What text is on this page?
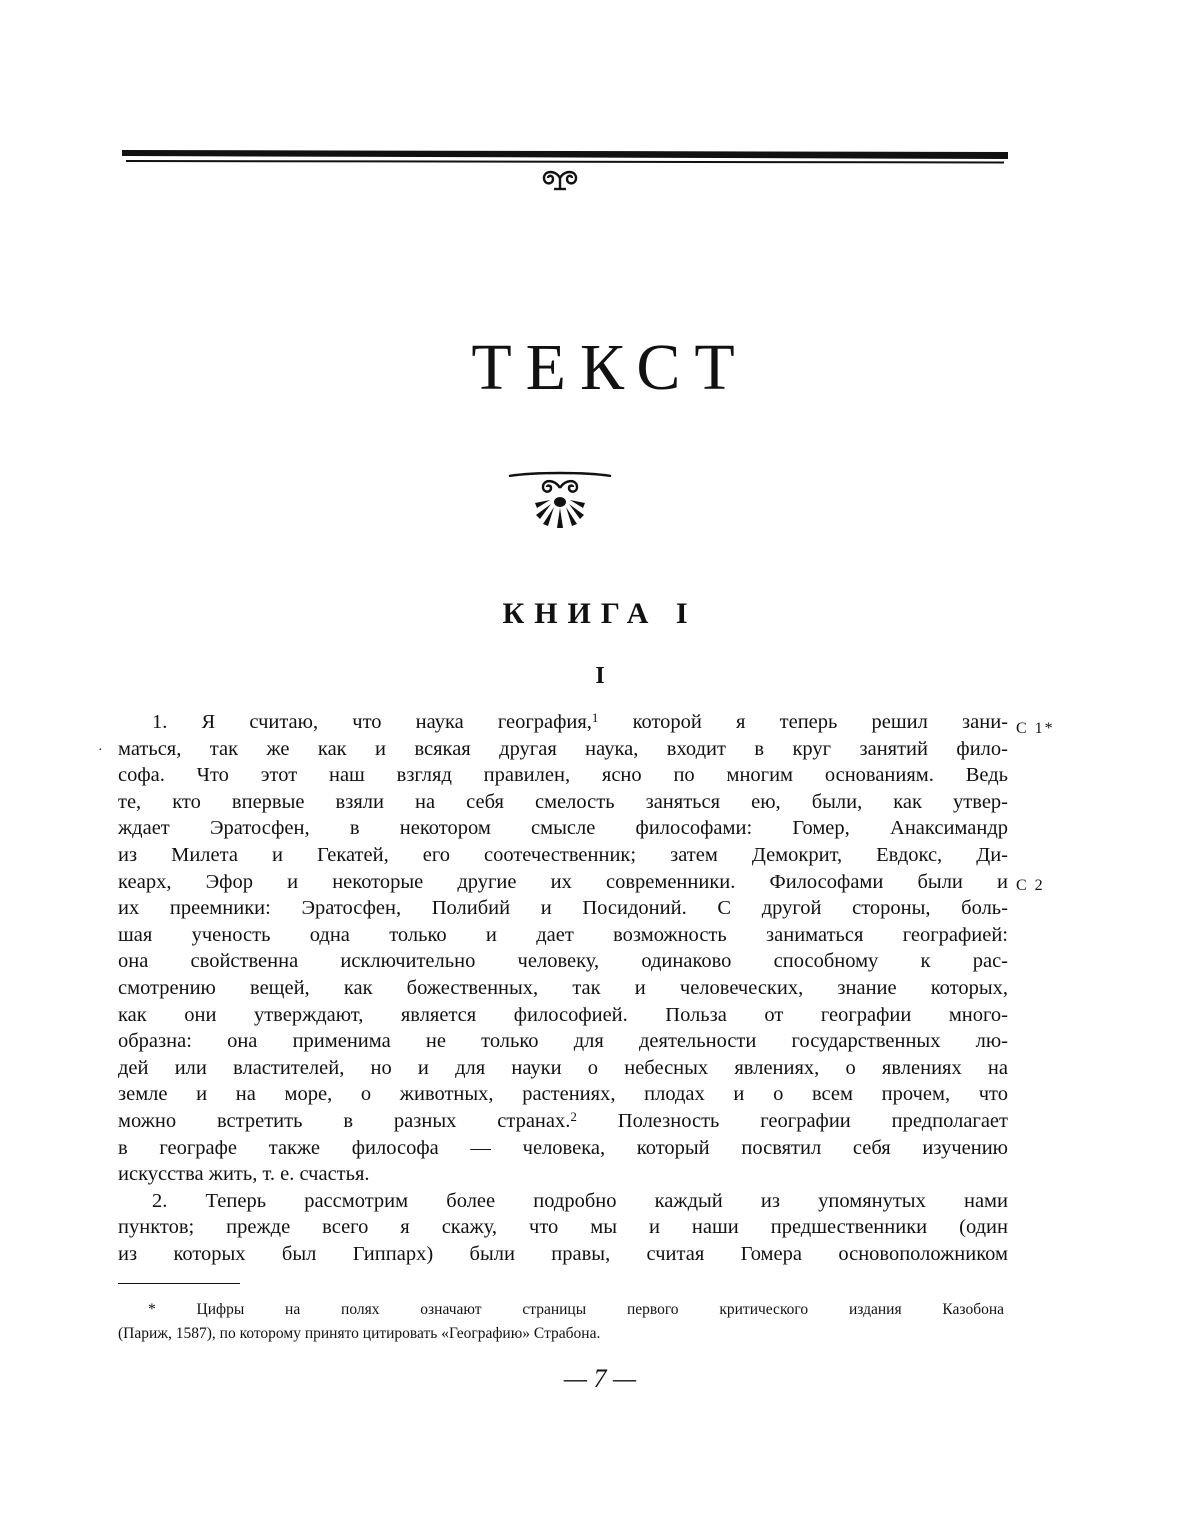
ТЕКСТ
КНИГА I
I
·
1. Я считаю, что наука география,$^1$ которой я теперь решил зани-
маться, так же как и всякая другая наука, входит в круг занятий фило-
софа. Что этот наш взгляд правилен, ясно по многим основаниям. Ведь
те, кто впервые взяли на себя смелость заняться ею, были, как утвер-
ждает Эратосфен, в некотором смысле философами: Гомер, Анаксимандр
из Милета и Гекатей, его соотечественник; затем Демокрит, Евдокс, Ди-
кеарх, Эфор и некоторые другие их современники. Философами были и
их преемники: Эратосфен, Полибий и Посидоний. С другой стороны, боль-
шая ученость одна только и дает возможность заниматься географией:
она свойственна исключительно человеку, одинаково способному к рас-
смотрению вещей, как божественных, так и человеческих, знание которых,
как они утверждают, является философией. Польза от географии много-
образна: она применима не только для деятельности государственных лю-
дей или властителей, но и для науки о небесных явлениях, о явлениях на
земле и на море, о животных, растениях, плодах и о всем прочем, что
можно встретить в разных странах.$^2$ Полезность географии предполагает
в географе также философа — человека, который посвятил себя изучению
искусства жить, т. е. счастья.
2. Теперь рассмотрим более подробно каждый из упомянутых нами
пунктов; прежде всего я скажу, что мы и наши предшественники (один
из которых был Гиппарх) были правы, считая Гомера основоположником
С 1*
С 2
* Цифры на полях означают страницы первого критического издания Казобона
(Париж, 1587), по которому принято цитировать «Географию» Страбона.
— 7 —
